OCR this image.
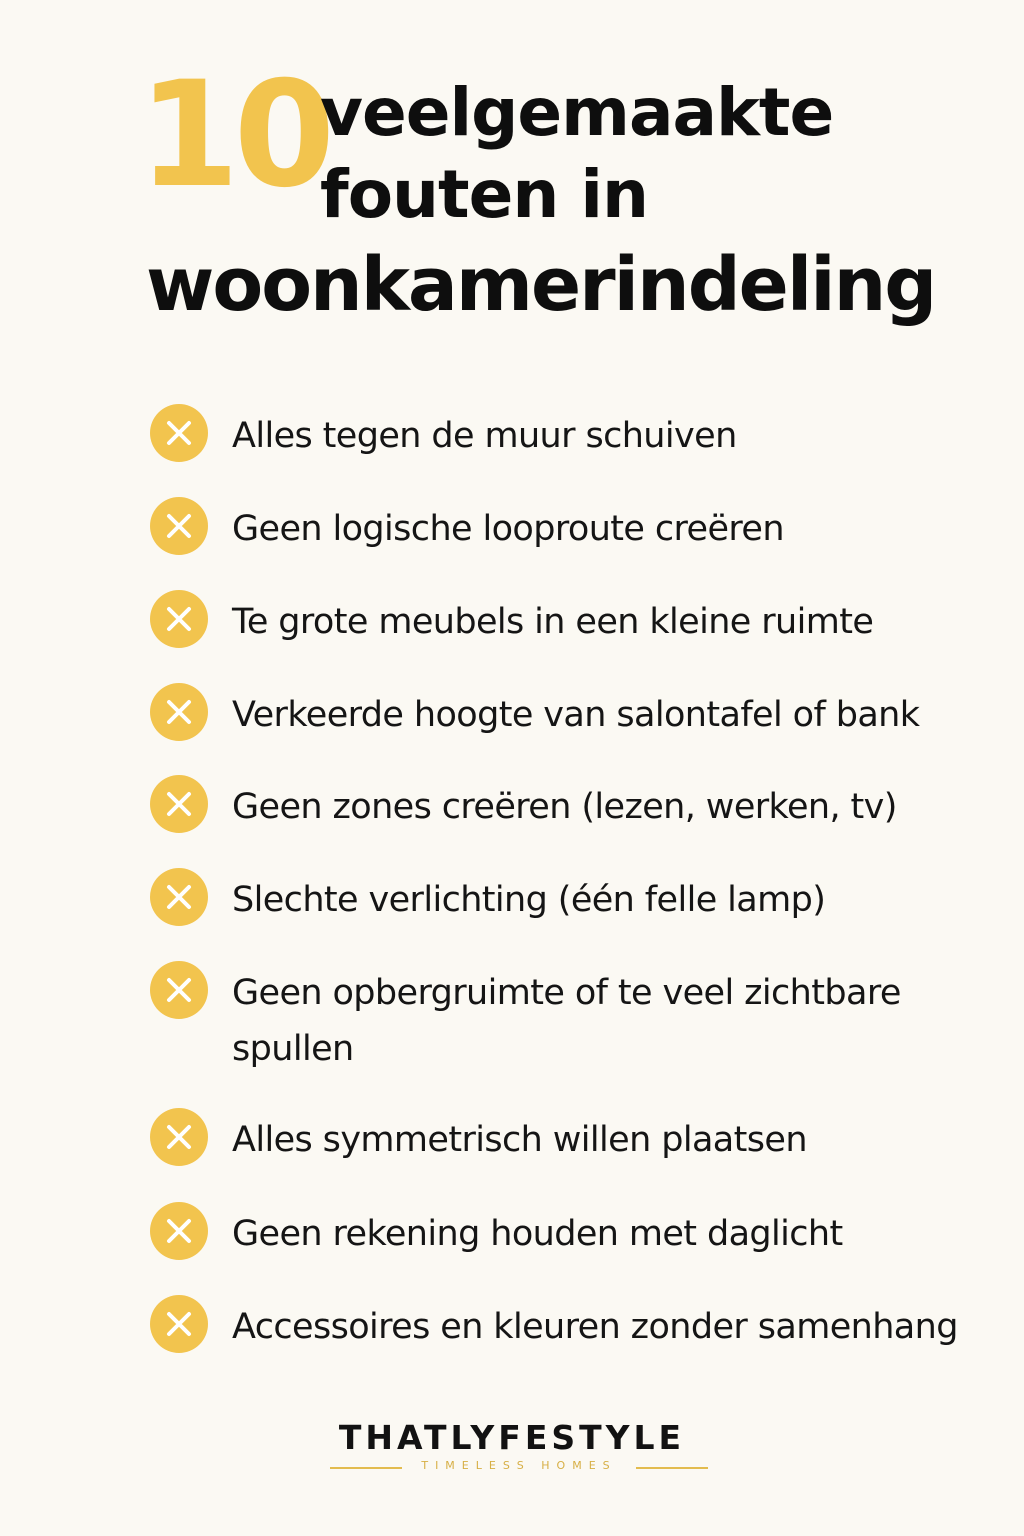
10
veelgemaakte
fouten in
woonkamerindeling
Alles tegen de muur schuiven
Geen logische looproute creëren
Te grote meubels in een kleine ruimte
Verkeerde hoogte van salontafel of bank
Geen zones creëren (lezen, werken, tv)
Slechte verlichting (één felle lamp)
Geen opbergruimte of te veel zichtbare spullen
Alles symmetrisch willen plaatsen
Geen rekening houden met daglicht
Accessoires en kleuren zonder samenhang
THATLYFESTYLE
TIMELESS HOMES
